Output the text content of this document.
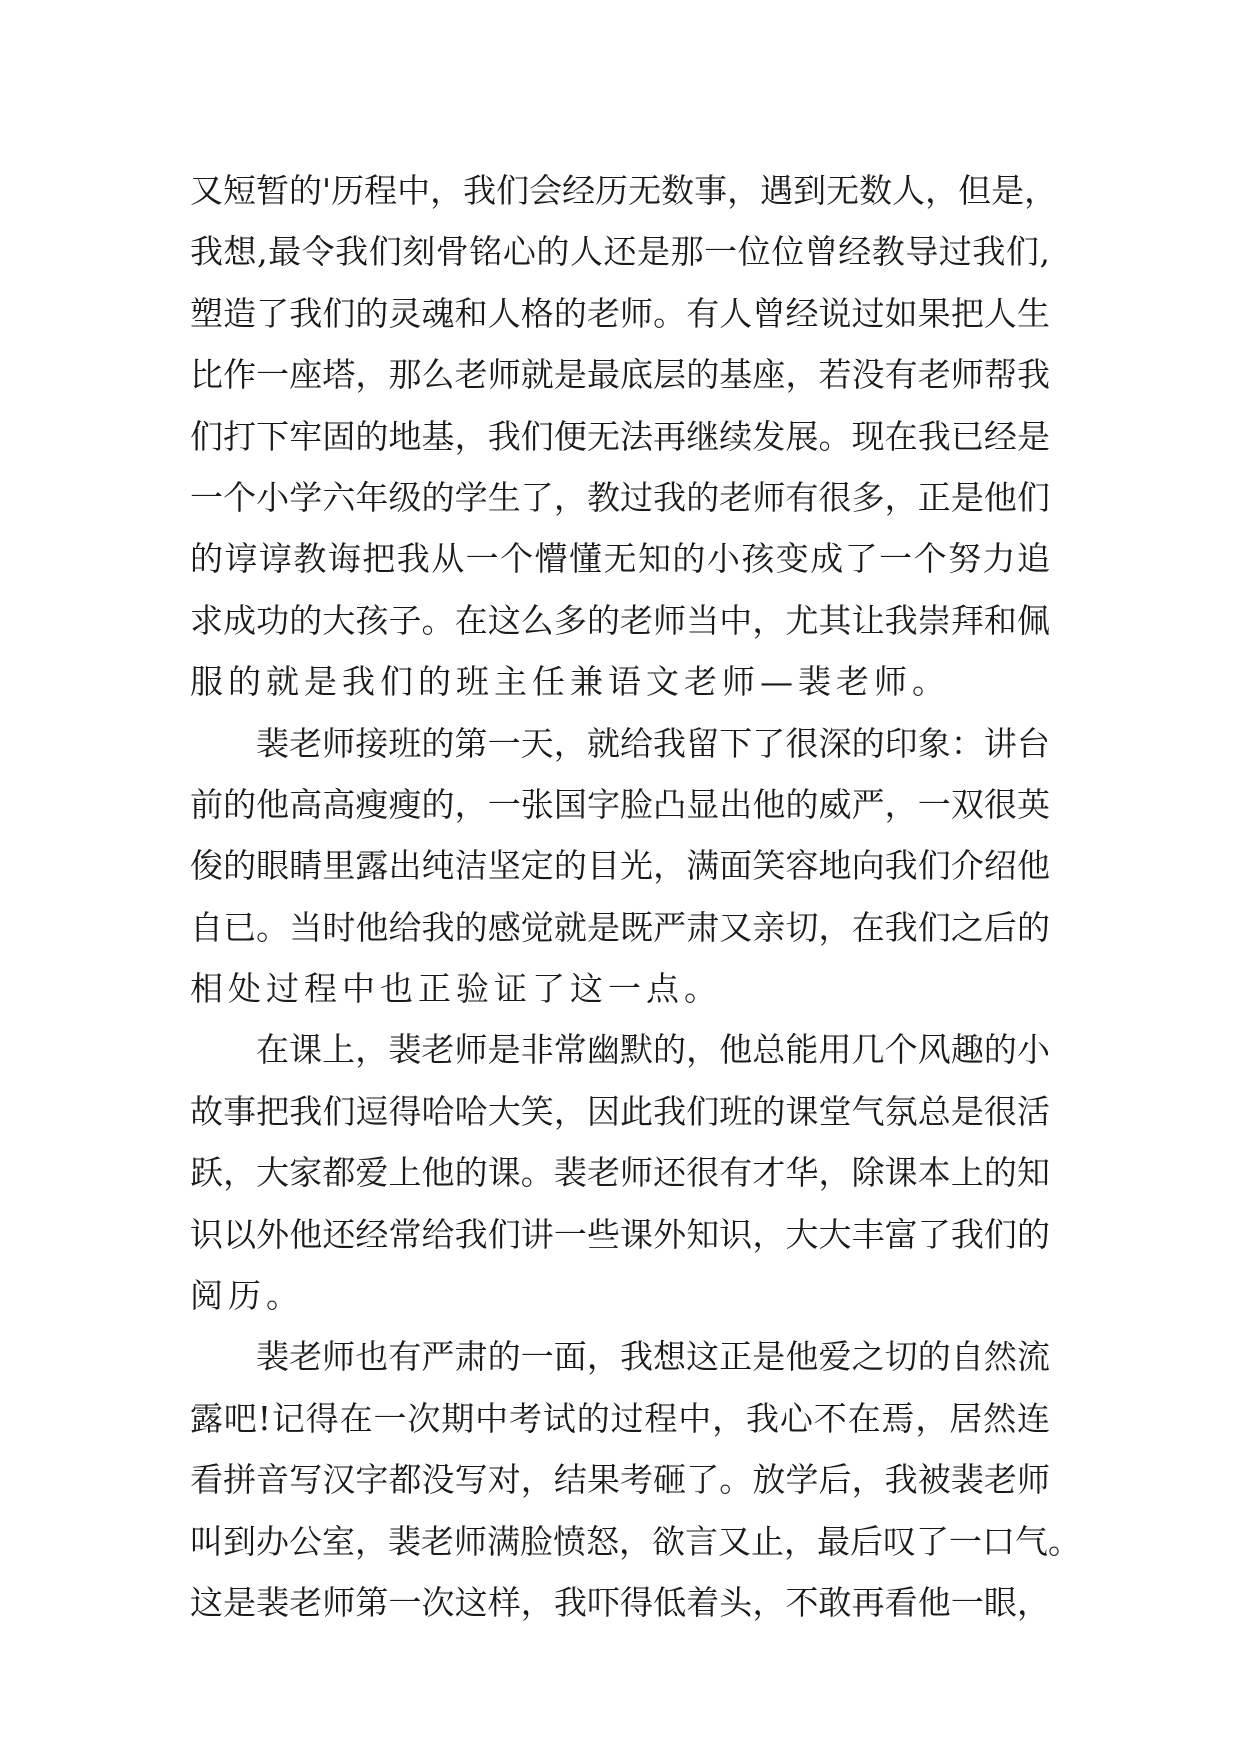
又短暂的'历程中，我们会经历无数事，遇到无数人，但是，
我想,最令我们刻骨铭心的人还是那一位位曾经教导过我们,
塑造了我们的灵魂和人格的老师。有人曾经说过如果把人生
比作一座塔，那么老师就是最底层的基座，若没有老师帮我
们打下牢固的地基，我们便无法再继续发展。现在我已经是
一个小学六年级的学生了，教过我的老师有很多，正是他们
的谆谆教诲把我从一个懵懂无知的小孩变成了一个努力追
求成功的大孩子。在这么多的老师当中，尤其让我崇拜和佩
服的就是我们的班主任兼语文老师—裴老师。
裴老师接班的第一天，就给我留下了很深的印象：讲台
前的他高高瘦瘦的，一张国字脸凸显出他的威严，一双很英
俊的眼睛里露出纯洁坚定的目光，满面笑容地向我们介绍他
自已。当时他给我的感觉就是既严肃又亲切，在我们之后的
相处过程中也正验证了这一点。
在课上，裴老师是非常幽默的，他总能用几个风趣的小
故事把我们逗得哈哈大笑，因此我们班的课堂气氛总是很活
跃，大家都爱上他的课。裴老师还很有才华，除课本上的知
识以外他还经常给我们讲一些课外知识，大大丰富了我们的
阅历。
裴老师也有严肃的一面，我想这正是他爱之切的自然流
露吧!记得在一次期中考试的过程中，我心不在焉，居然连
看拼音写汉字都没写对，结果考砸了。放学后，我被裴老师
叫到办公室，裴老师满脸愤怒，欲言又止，最后叹了一口气。
这是裴老师第一次这样，我吓得低着头，不敢再看他一眼，
